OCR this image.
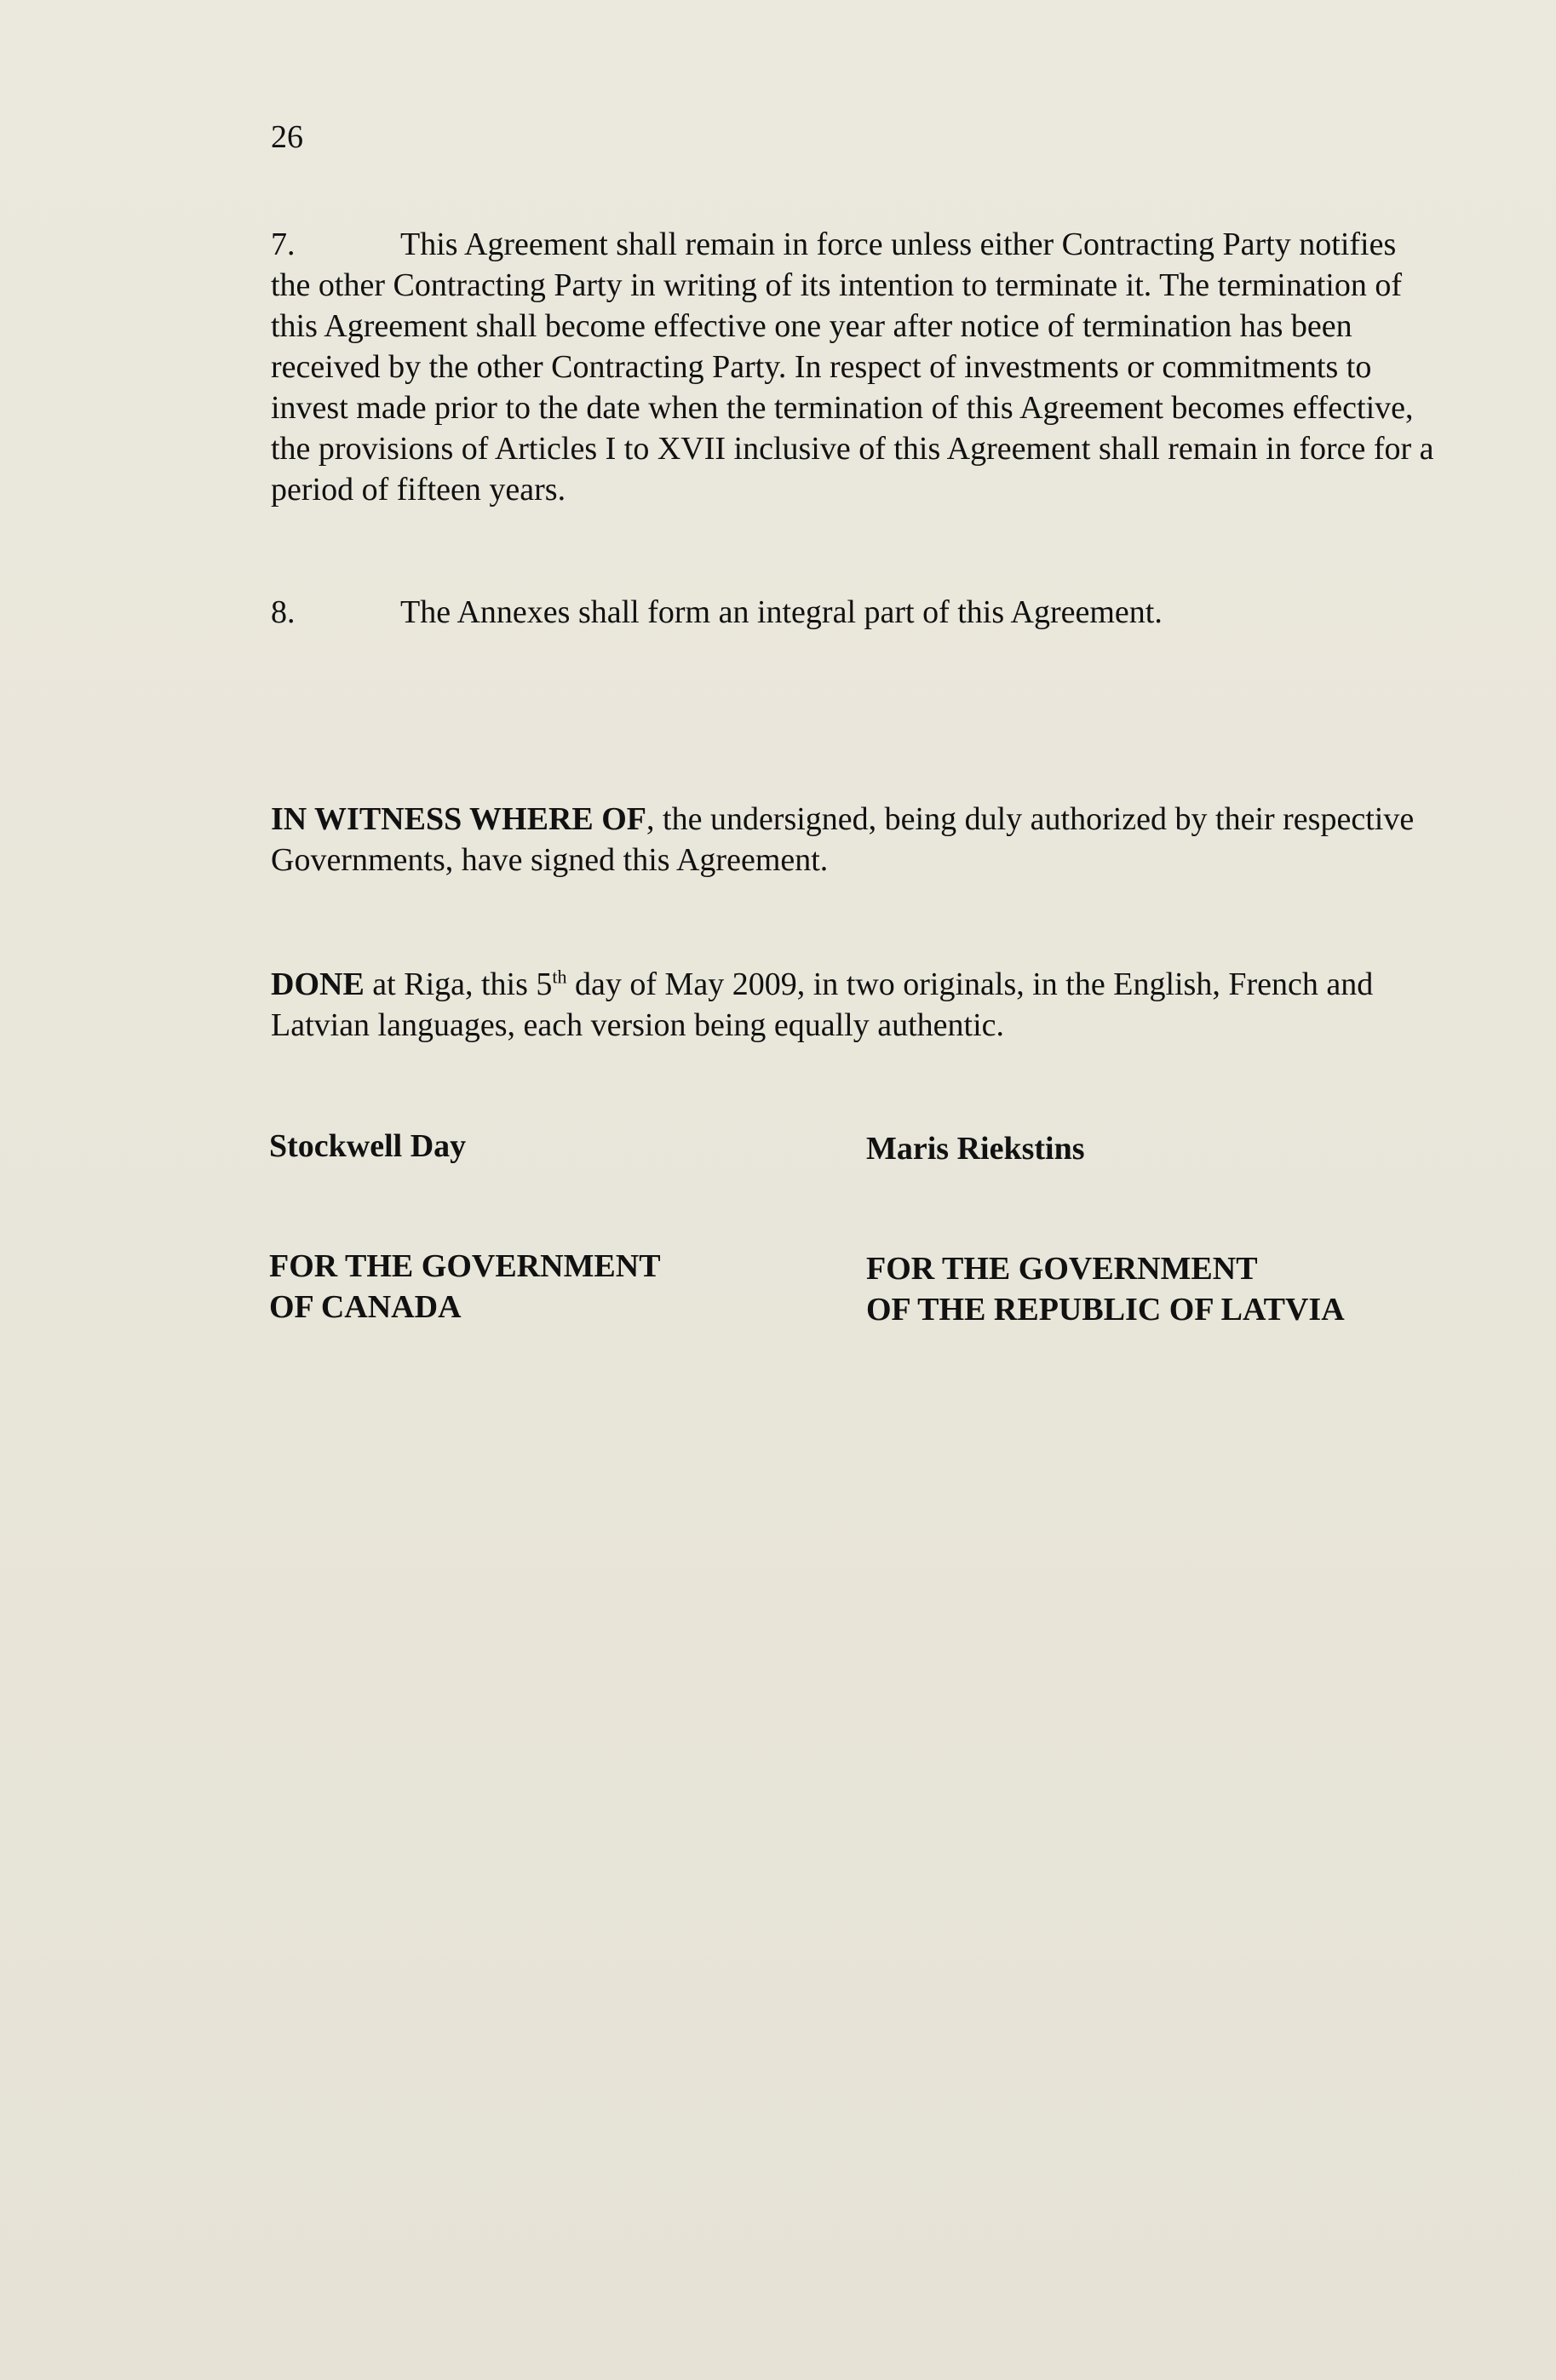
26

7.	This Agreement shall remain in force unless either Contracting Party notifies the other Contracting Party in writing of its intention to terminate it. The termination of this Agreement shall become effective one year after notice of termination has been received by the other Contracting Party. In respect of investments or commitments to invest made prior to the date when the termination of this Agreement becomes effective, the provisions of Articles I to XVII inclusive of this Agreement shall remain in force for a period of fifteen years.

8.	The Annexes shall form an integral part of this Agreement.

IN WITNESS WHERE OF, the undersigned, being duly authorized by their respective Governments, have signed this Agreement.

DONE at Riga, this 5th day of May 2009, in two originals, in the English, French and Latvian languages, each version being equally authentic.

Stockwell Day	Maris Riekstins
FOR THE GOVERNMENT
OF CANADA
FOR THE GOVERNMENT
OF THE REPUBLIC OF LATVIA
